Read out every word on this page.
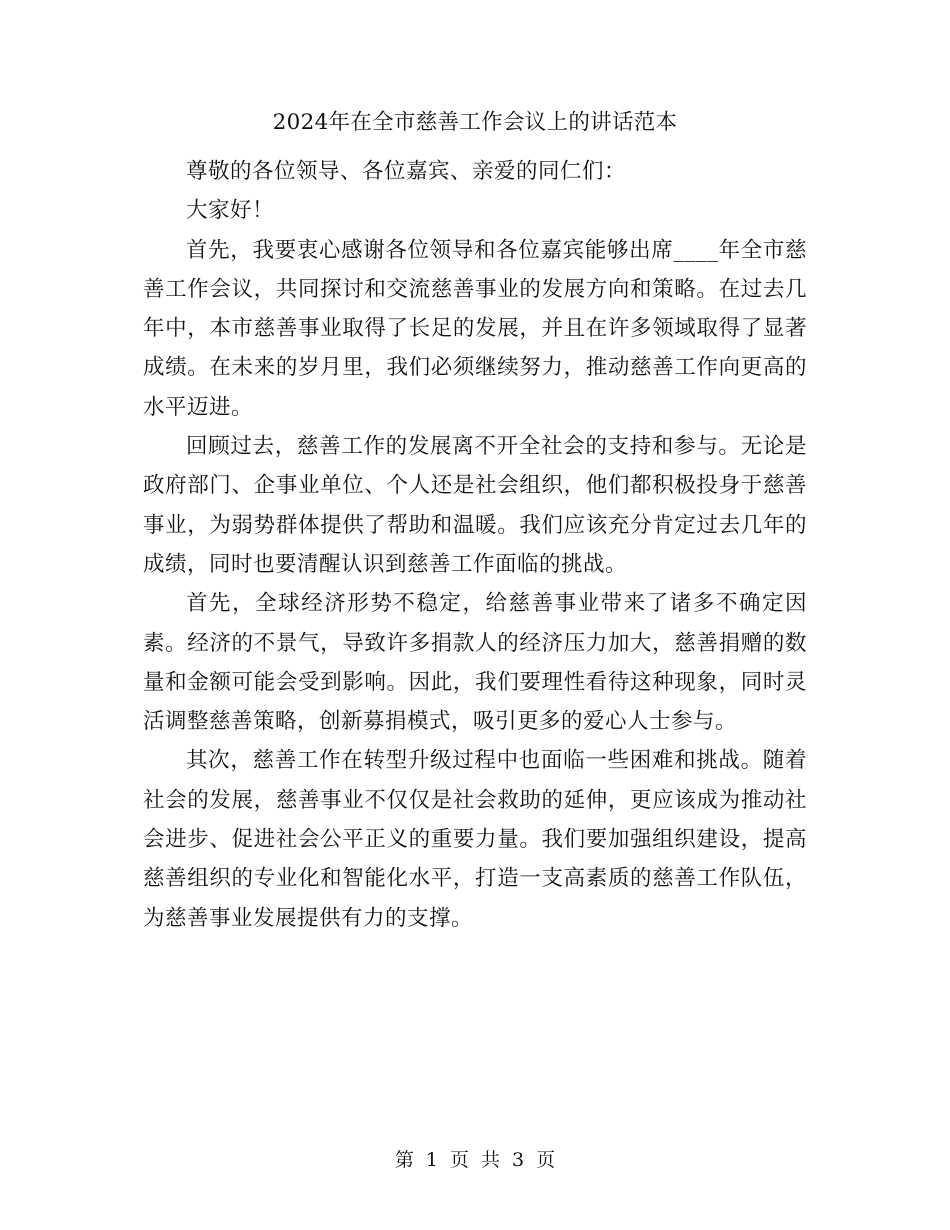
2024年在全市慈善工作会议上的讲话范本

尊敬的各位领导、各位嘉宾、亲爱的同仁们：

大家好！

首先，我要衷心感谢各位领导和各位嘉宾能够出席____年全市慈善工作会议，共同探讨和交流慈善事业的发展方向和策略。在过去几年中，本市慈善事业取得了长足的发展，并且在许多领域取得了显著成绩。在未来的岁月里，我们必须继续努力，推动慈善工作向更高的水平迈进。

回顾过去，慈善工作的发展离不开全社会的支持和参与。无论是政府部门、企事业单位、个人还是社会组织，他们都积极投身于慈善事业，为弱势群体提供了帮助和温暖。我们应该充分肯定过去几年的成绩，同时也要清醒认识到慈善工作面临的挑战。

首先，全球经济形势不稳定，给慈善事业带来了诸多不确定因素。经济的不景气，导致许多捐款人的经济压力加大，慈善捐赠的数量和金额可能会受到影响。因此，我们要理性看待这种现象，同时灵活调整慈善策略，创新募捐模式，吸引更多的爱心人士参与。

其次，慈善工作在转型升级过程中也面临一些困难和挑战。随着社会的发展，慈善事业不仅仅是社会救助的延伸，更应该成为推动社会进步、促进社会公平正义的重要力量。我们要加强组织建设，提高慈善组织的专业化和智能化水平，打造一支高素质的慈善工作队伍，为慈善事业发展提供有力的支撑。

第 1 页 共 3 页
